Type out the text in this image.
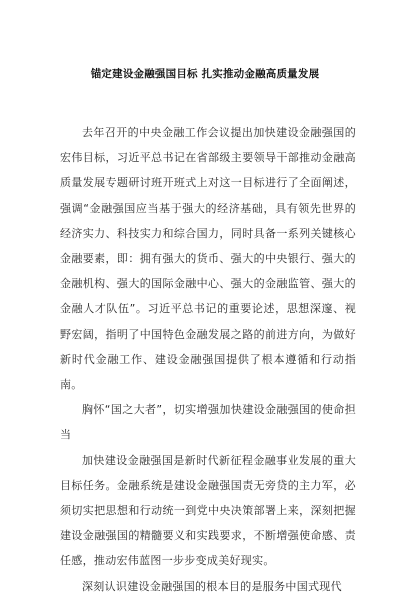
锚定建设金融强国目标 扎实推动金融高质量发展

去年召开的中央金融工作会议提出加快建设金融强国的宏伟目标，习近平总书记在省部级主要领导干部推动金融高质量发展专题研讨班开班式上对这一目标进行了全面阐述，强调“金融强国应当基于强大的经济基础，具有领先世界的经济实力、科技实力和综合国力，同时具备一系列关键核心金融要素，即：拥有强大的货币、强大的中央银行、强大的金融机构、强大的国际金融中心、强大的金融监管、强大的金融人才队伍”。习近平总书记的重要论述，思想深邃、视野宏阔，指明了中国特色金融发展之路的前进方向，为做好新时代金融工作、建设金融强国提供了根本遵循和行动指南。

胸怀“国之大者”，切实增强加快建设金融强国的使命担当

加快建设金融强国是新时代新征程金融事业发展的重大目标任务。金融系统是建设金融强国责无旁贷的主力军，必须切实把思想和行动统一到党中央决策部署上来，深刻把握建设金融强国的精髓要义和实践要求，不断增强使命感、责任感，推动宏伟蓝图一步步变成美好现实。

深刻认识建设金融强国的根本目的是服务中国式现代
